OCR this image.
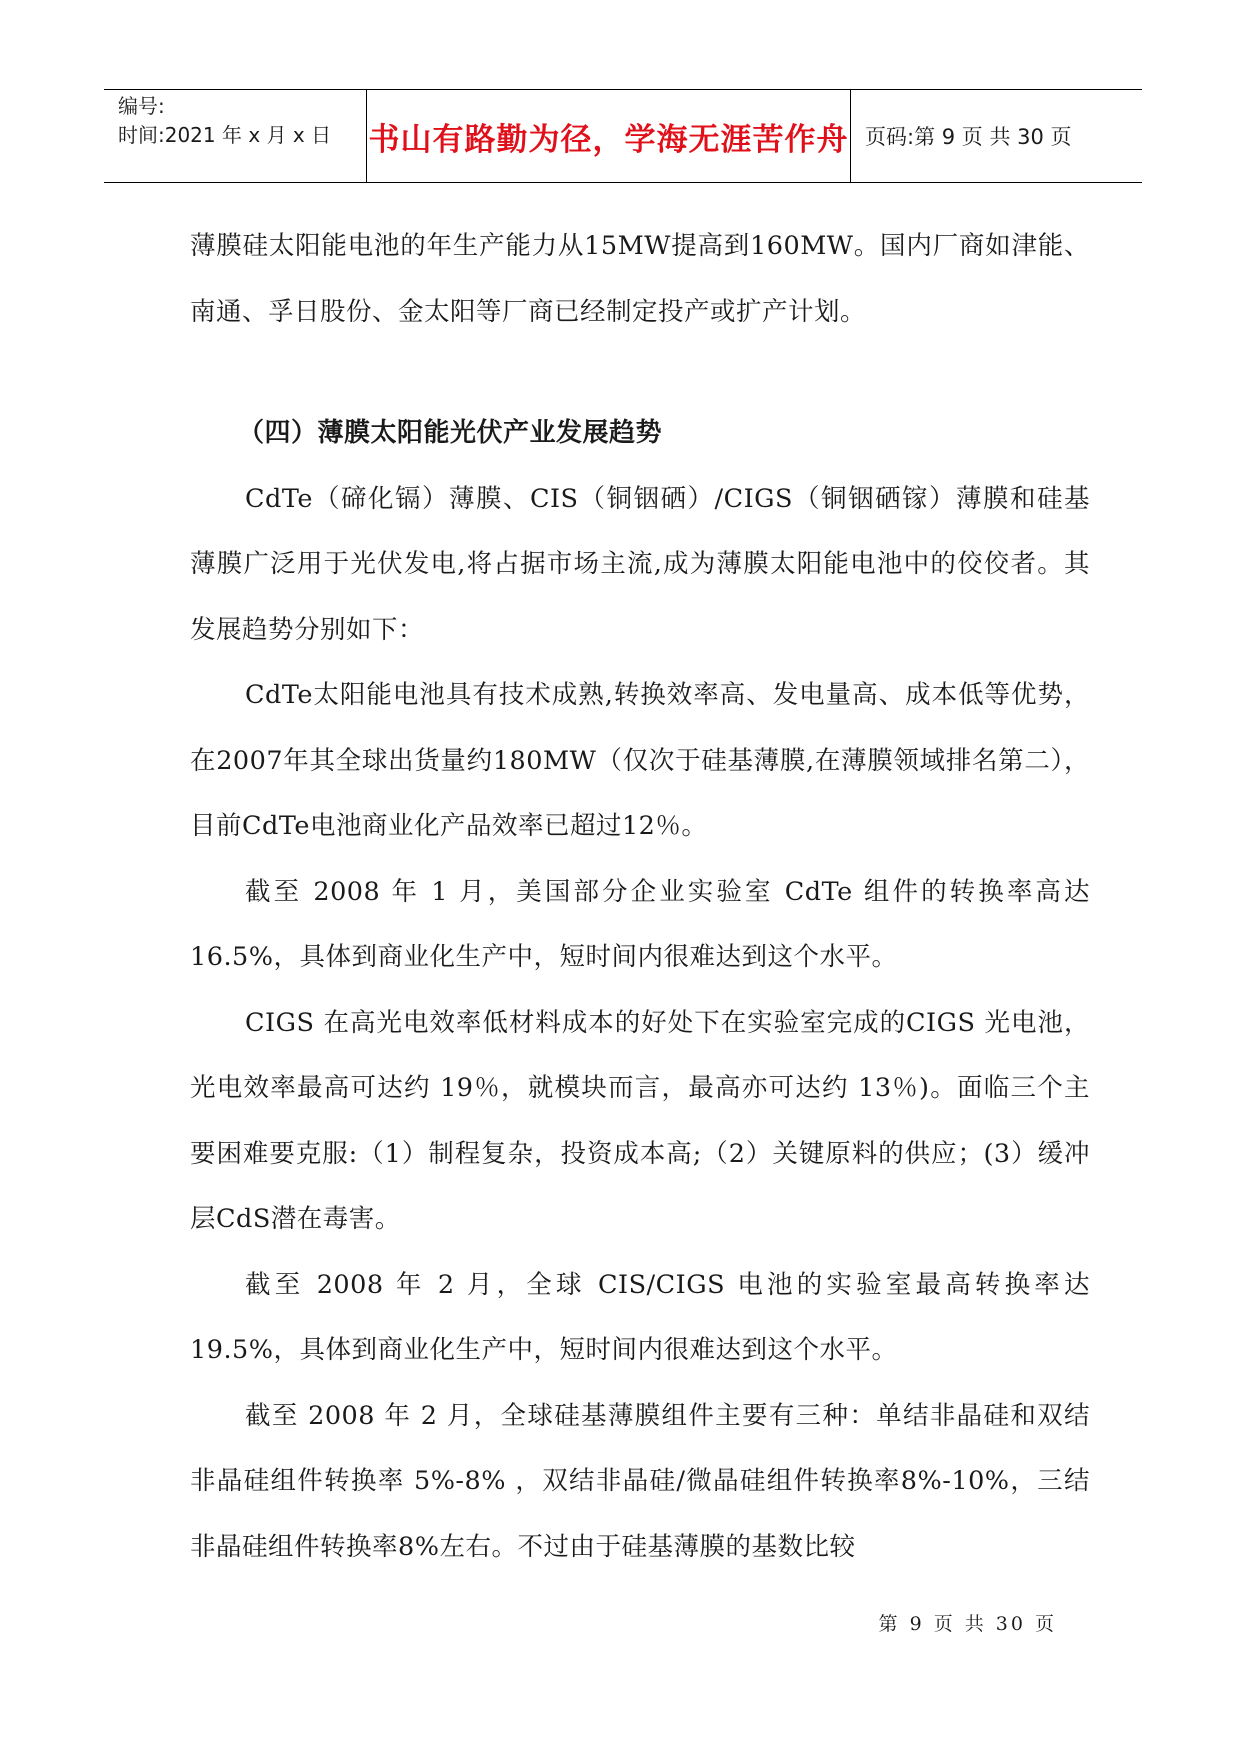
编号:
时间:2021 年 x 月 x 日	书山有路勤为径，学海无涯苦作舟 页码:第 9 页 共 30 页

薄膜硅太阳能电池的年生产能力从15MW提高到160MW。国内厂商如津能、南通、孚日股份、金太阳等厂商已经制定投产或扩产计划。

（四）薄膜太阳能光伏产业发展趋势

CdTe（碲化镉）薄膜、CIS（铜铟硒）/CIGS（铜铟硒镓）薄膜和硅基薄膜广泛用于光伏发电,将占据市场主流,成为薄膜太阳能电池中的佼佼者。其发展趋势分别如下：

CdTe太阳能电池具有技术成熟,转换效率高、发电量高、成本低等优势，在2007年其全球出货量约180MW（仅次于硅基薄膜,在薄膜领域排名第二），目前CdTe电池商业化产品效率已超过12％。

截至 2008 年 1 月，美国部分企业实验室 CdTe 组件的转换率高达16.5%，具体到商业化生产中，短时间内很难达到这个水平。

CIGS 在高光电效率低材料成本的好处下在实验室完成的CIGS 光电池，光电效率最高可达约 19％，就模块而言，最高亦可达约 13％)。面临三个主要困难要克服:（1）制程复杂，投资成本高;（2）关键原料的供应；(3）缓冲层CdS潜在毒害。

截至 2008 年 2 月，全球 CIS/CIGS 电池的实验室最高转换率达19.5%，具体到商业化生产中，短时间内很难达到这个水平。

截至 2008 年 2 月，全球硅基薄膜组件主要有三种：单结非晶硅和双结非晶硅组件转换率 5%-8% ，双结非晶硅/微晶硅组件转换率8%-10%，三结非晶硅组件转换率8%左右。不过由于硅基薄膜的基数比较

第 9 页 共 30 页
